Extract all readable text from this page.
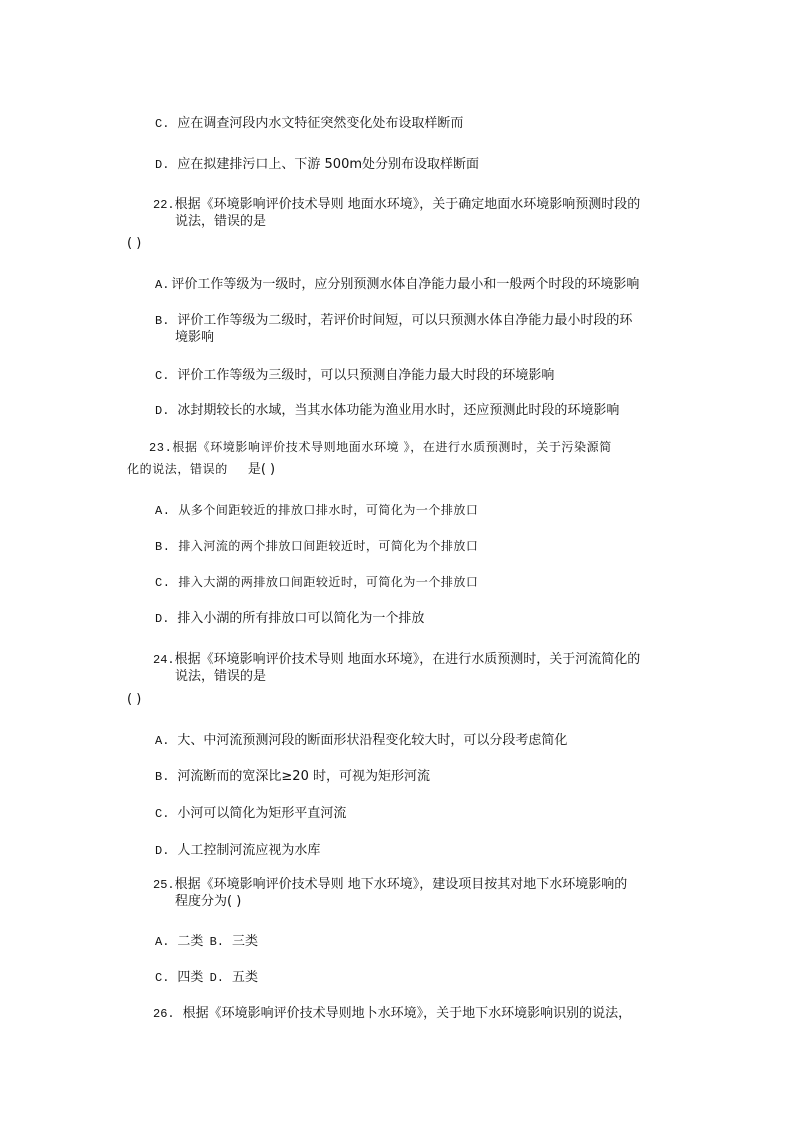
C. 应在调查河段内水文特征突然变化处布设取样断而
D. 应在拟建排污口上、下游 500m处分别布设取样断面
22.根据《环境影响评价技术导则 地面水环境》，关于确定地面水环境影响预测时段的
说法，错误的是
( )
A. 评价工作等级为一级时，应分别预测水体自净能力最小和一般两个时段的环境影响
B. 评价工作等级为二级时，若评价时间短，可以只预测水体自净能力最小时段的环
境影响
C. 评价工作等级为三级时，可以只预测自净能力最大时段的环境影响
D. 冰封期较长的水域，当其水体功能为渔业用水时，还应预测此时段的环境影响
23.根据《环境影响评价技术导则地面水环境 》，在进行水质预测时，关于污染源简
化的说法，错误的 是( )
A. 从多个间距较近的排放口排水时，可简化为一个排放口
B. 排入河流的两个排放口间距较近时，可简化为个排放口
C. 排入大湖的两排放口间距较近时，可简化为一个排放口
D. 排入小湖的所有排放口可以简化为一个排放
24.根据《环境影响评价技术导则 地面水环境》，在进行水质预测时，关于河流简化的
说法，错误的是
( )
A. 大、中河流预测河段的断面形状沿程变化较大时，可以分段考虑简化
B. 河流断而的宽深比≥20 时，可视为矩形河流
C. 小河可以简化为矩形平直河流
D. 人工控制河流应视为水库
25.根据《环境影响评价技术导则 地下水环境》，建设项目按其对地下水环境影响的
程度分为( )
A. 二类 B. 三类
C. 四类 D. 五类
26. 根据《环境影响评价技术导则地卜水环境》，关于地下水环境影响识别的说法，
